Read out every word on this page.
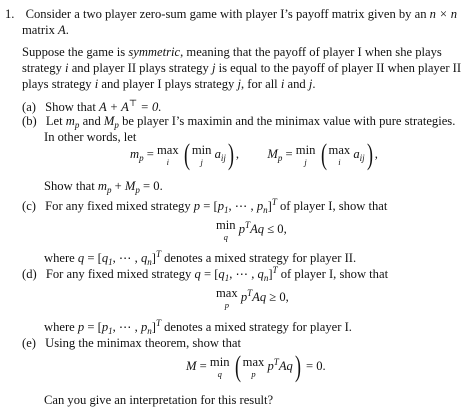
1. Consider a two player zero-sum game with player I’s payoff matrix given by an n × n
matrix A.
Suppose the game is symmetric, meaning that the payoff of player I when she plays
strategy i and player II plays strategy j is equal to the payoff of player II when player II
plays strategy i and player I plays strategy j, for all i and j.
(a) Show that A + A⊤ = 0.
(b) Let $m_p$ and $M_p$ be player I’s maximin and the minimax value with pure strategies.
In other words, let
$m_p = \max$
i ( min
j
$a_{ij}$) ,  $M_p = \min$
j ( max
i
$a_{ij}$) ,
Show that $m_p + M_p = 0$.
(c) For any fixed mixed strategy $p = [p_1$, ⋯ , $p_n]^T$ of player I, show that
min
q
$p^TAq \le 0$,
where $q = [q_1$, ⋯ , $q_n]^T$ denotes a mixed strategy for player II.
(d) For any fixed mixed strategy $q = [q_1$, ⋯ , $q_n]^T$ of player I, show that
max
p
$p^TAq \ge 0$,
where $p = [p_1$, ⋯ , $p_n]^T$ denotes a mixed strategy for player I.
(e) Using the minimax theorem, show that
M = min
q ( max
p
$p^TAq) = 0$.
Can you give an interpretation for this result?
